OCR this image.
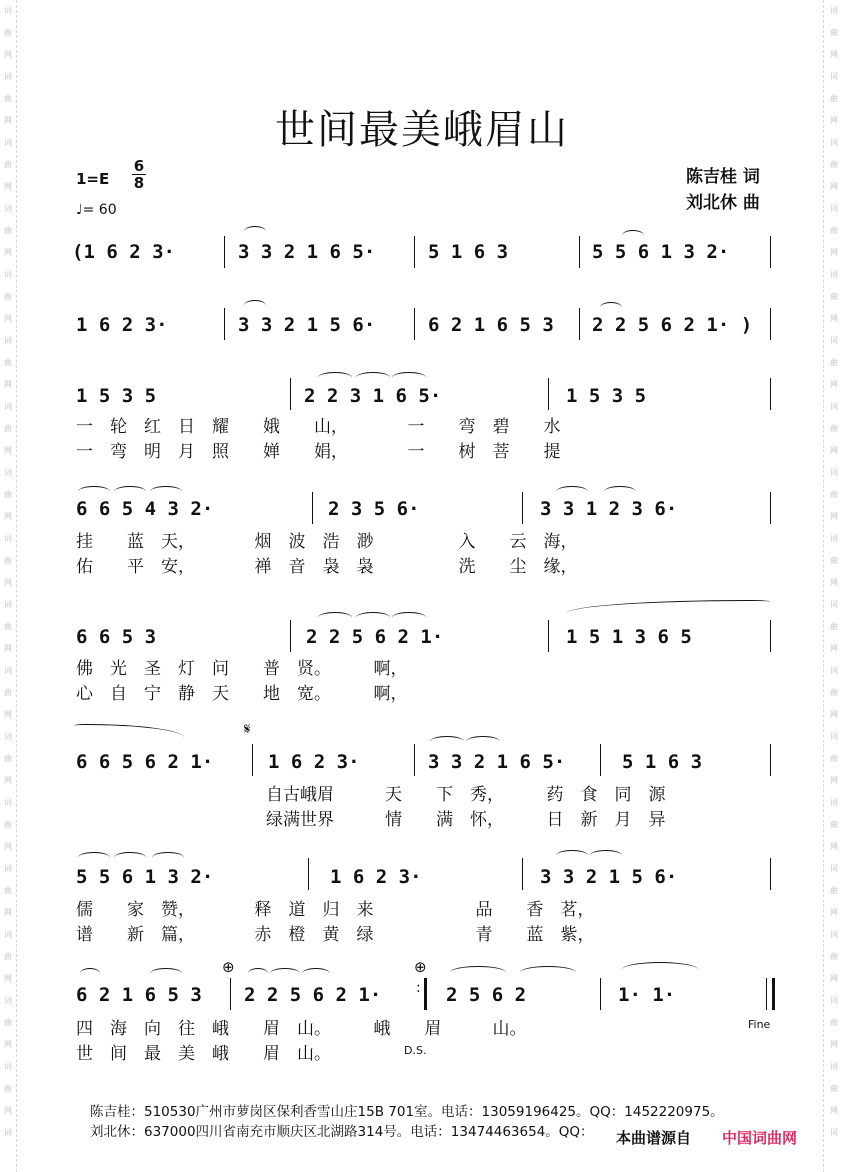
词
曲
网
词
曲
网
词
曲
网
词
曲
网
词
曲
网
词
曲
网
词
曲
网
词
曲
网
词
曲
网
词
曲
网
词
曲
网
词
曲
网
词
曲
网
词
曲
网
词
曲
网
词
曲
网
词
曲
网
词
词
曲
网
词
曲
网
词
曲
网
词
曲
网
词
曲
网
词
曲
网
词
曲
网
词
曲
网
词
曲
网
词
曲
网
词
曲
网
词
曲
网
词
曲
网
词
曲
网
词
曲
网
词
曲
网
词
曲
网
词
世间最美峨眉山
1=E
6
8
♩= 60
陈吉桂 词
刘北休 曲
(1 6 2 3·	3 3 2 1 6 5·	5 1 6 3	5 5 6 1 3 2·
1 6 2 3·	3 3 2 1 5 6·	6 2 1 6 5 3 2 2 5 6 2 1· )
1 5 3 5	2 2 3 1 6 5·	1 5 3 5
一　轮　红　日　耀　　娥　　山，　　　　一　　弯　碧　　水
一　弯　明　月　照　　婵　　娟，　　　　一　　树　菩　　提
6 6 5 4 3 2·	2 3 5 6·	3 3 1 2 3 6·
挂　　蓝　天，　　　　烟　波　浩　渺　　　　　入　　云　海，
佑　　平　安，　　　　禅　音　袅　袅　　　　　洗　　尘　缘，
6 6 5 3	2 2 5 6 2 1·	1 5 1 3 6 5
佛　光　圣　灯　问　　普　贤。　　　啊，
心　自　宁　静　天　　地　宽。　　　啊，
6 6 5 6 2 1·	1 6 2 3·	3 3 2 1 6 5·	5 1 6 3
𝄋
自古峨眉　　　天　　下　秀，　　　药　食　同　源
绿满世界　　　情　　满　怀，　　　日　新　月　异
5 5 6 1 3 2·	1 6 2 3·	3 3 2 1 5 6·
儒　　家　赞，　　　　释　道　归　来　　　　　　品　　香　茗，
谱　　新　篇，　　　　赤　橙　黄　绿　　　　　　青　　蓝　紫，
6 2 1 6 5 3 2 2 5 6 2 1·	2 5 6 2	1· 1·
:
⊕	⊕
四　海　向　往　峨　　眉　山。　　　峨　　眉　　　山。
世　间　最　美　峨　　眉　山。	D.S.
Fine
陈吉桂：510530广州市萝岗区保利香雪山庄15B 701室。电话：13059196425。QQ：1452220975。
刘北休：637000四川省南充市顺庆区北湖路314号。电话：13474463654。QQ： 本曲谱源自 中国词曲网
